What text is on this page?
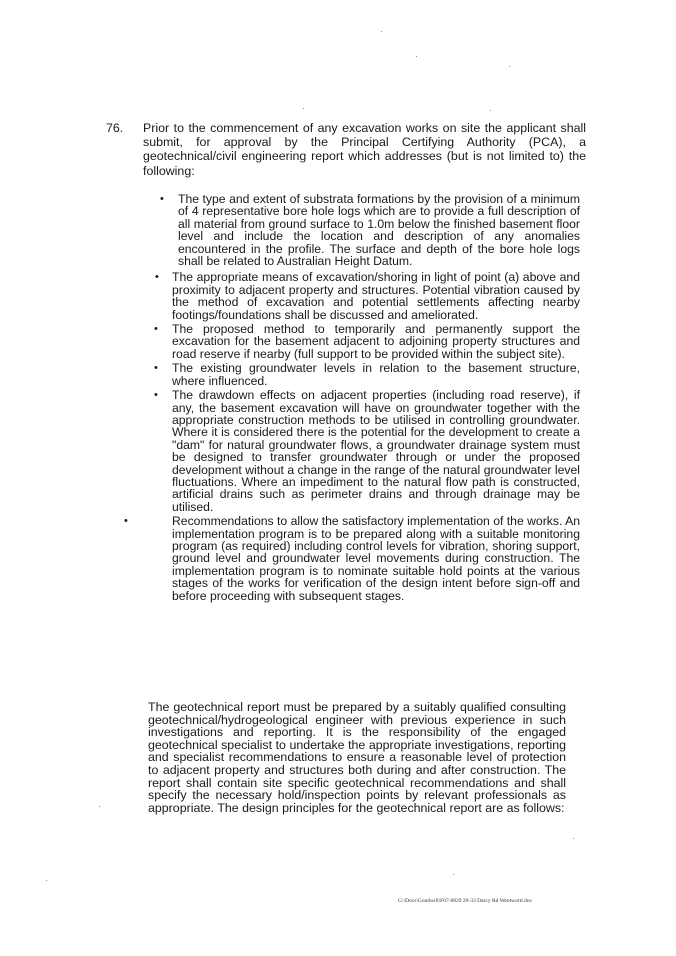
76. Prior to the commencement of any excavation works on site the applicant shall submit, for approval by the Principal Certifying Authority (PCA), a geotechnical/civil engineering report which addresses (but is not limited to) the following:
• The type and extent of substrata formations by the provision of a minimum of 4 representative bore hole logs which are to provide a full description of all material from ground surface to 1.0m below the finished basement floor level and include the location and description of any anomalies encountered in the profile. The surface and depth of the bore hole logs shall be related to Australian Height Datum.
• The appropriate means of excavation/shoring in light of point (a) above and proximity to adjacent property and structures. Potential vibration caused by the method of excavation and potential settlements affecting nearby footings/foundations shall be discussed and ameliorated.
• The proposed method to temporarily and permanently support the excavation for the basement adjacent to adjoining property structures and road reserve if nearby (full support to be provided within the subject site).
• The existing groundwater levels in relation to the basement structure, where influenced.
• The drawdown effects on adjacent properties (including road reserve), if any, the basement excavation will have on groundwater together with the appropriate construction methods to be utilised in controlling groundwater. Where it is considered there is the potential for the development to create a "dam" for natural groundwater flows, a groundwater drainage system must be designed to transfer groundwater through or under the proposed development without a change in the range of the natural groundwater level fluctuations. Where an impediment to the natural flow path is constructed, artificial drains such as perimeter drains and through drainage may be utilised.
•	Recommendations to allow the satisfactory implementation of the works. An implementation program is to be prepared along with a suitable monitoring program (as required) including control levels for vibration, shoring support, ground level and groundwater level movements during construction. The implementation program is to nominate suitable hold points at the various stages of the works for verification of the design intent before sign-off and before proceeding with subsequent stages.
The geotechnical report must be prepared by a suitably qualified consulting geotechnical/hydrogeological engineer with previous experience in such investigations and reporting. It is the responsibility of the engaged geotechnical specialist to undertake the appropriate investigations, reporting and specialist recommendations to ensure a reasonable level of protection to adjacent property and structures both during and after construction. The report shall contain site specific geotechnical recommendations and shall specify the necessary hold/inspection points by relevant professionals as appropriate. The design principles for the geotechnical report are as follows:
G:\Docs\Gondwill\F07-0829 29-33 Darcy Rd Wentwortl.doc
